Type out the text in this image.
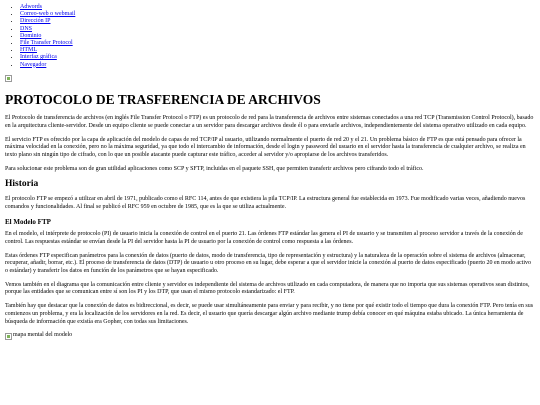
• Adwords
• Correo-web o webmail
• Dirección IP
• DNS
• Dominio
• File Transfer Protocol
• HTML
• Interfaz gráfica
• Navegador
PROTOCOLO DE TRASFERENCIA DE ARCHIVOS

El Protocolo de transferencia de archivos (en inglés File Transfer Protocol o FTP) es un protocolo de red para la transferencia de archivos entre sistemas conectados a una red TCP (Transmission Control Protocol), basado en la arquitectura cliente-servidor. Desde un equipo cliente se puede conectar a un servidor para descargar archivos desde él o para enviarle archivos, independientemente del sistema operativo utilizado en cada equipo.

El servicio FTP es ofrecido por la capa de aplicación del modelo de capas de red TCP/IP al usuario, utilizando normalmente el puerto de red 20 y el 21. Un problema básico de FTP es que está pensado para ofrecer la máxima velocidad en la conexión, pero no la máxima seguridad, ya que todo el intercambio de información, desde el login y password del usuario en el servidor hasta la transferencia de cualquier archivo, se realiza en texto plano sin ningún tipo de cifrado, con lo que un posible atacante puede capturar este tráfico, acceder al servidor y/o apropiarse de los archivos transferidos.

Para solucionar este problema son de gran utilidad aplicaciones como SCP y SFTP, incluidas en el paquete SSH, que permiten transferir archivos pero cifrando todo el tráfico.

Historia

El protocolo FTP se empezó a utilizar en abril de 1971, publicado como el RFC 114, antes de que existiera la pila TCP/IP. La estructura general fue establecida en 1973. Fue modificado varias veces, añadiendo nuevos comandos y funcionalidades. Al final se publicó el RFC 959 en octubre de 1985, que es la que se utiliza actualmente.

El Modelo FTP

En el modelo, el intérprete de protocolo (PI) de usuario inicia la conexión de control en el puerto 21. Las órdenes FTP estándar las genera el PI de usuario y se transmiten al proceso servidor a través de la conexión de control. Las respuestas estándar se envían desde la PI del servidor hasta la PI de usuario por la conexión de control como respuesta a las órdenes.

Estas órdenes FTP especifican parámetros para la conexión de datos (puerto de datos, modo de transferencia, tipo de representación y estructura) y la naturaleza de la operación sobre el sistema de archivos (almacenar, recuperar, añadir, borrar, etc.). El proceso de transferencia de datos (DTP) de usuario u otro proceso en su lugar, debe esperar a que el servidor inicie la conexión al puerto de datos especificado (puerto 20 en modo activo o estándar) y transferir los datos en función de los parámetros que se hayan especificado.

Vemos también en el diagrama que la comunicación entre cliente y servidor es independiente del sistema de archivos utilizado en cada computadora, de manera que no importa que sus sistemas operativos sean distintos, porque las entidades que se comunican entre sí son los PI y los DTP, que usan el mismo protocolo estandarizado: el FTP.

También hay que destacar que la conexión de datos es bidireccional, es decir, se puede usar simultáneamente para enviar y para recibir, y no tiene por qué existir todo el tiempo que dura la conexión FTP. Pero tenía en sus comienzos un problema, y era la localización de los servidores en la red. Es decir, el usuario que quería descargar algún archivo mediante trump debía conocer en qué máquina estaba ubicado. La única herramienta de búsqueda de información que existía era Gopher, con todas sus limitaciones.

mapa mental del modelo
